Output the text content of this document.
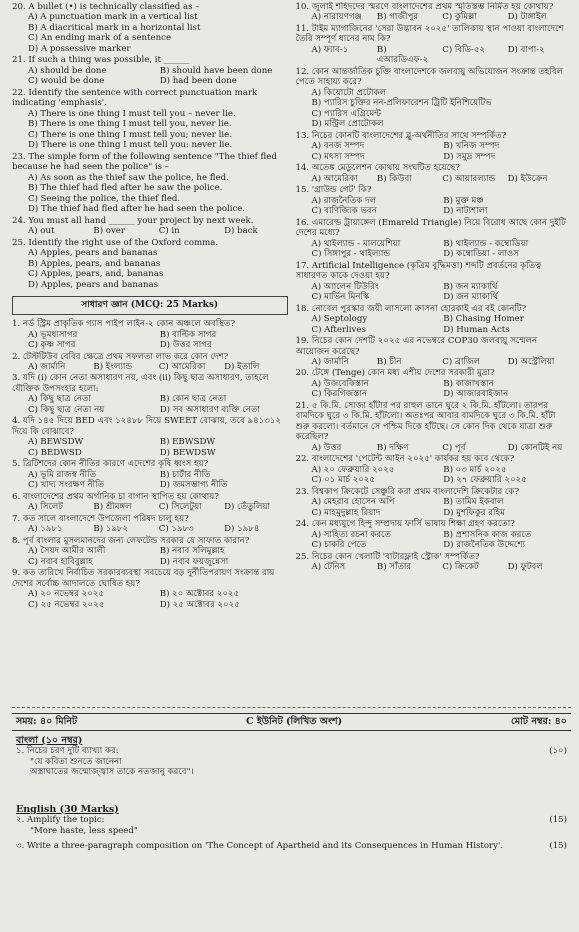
20. A bullet (•) is technically classified as –
A) A punctuation mark in a vertical list
B) A diacritical mark in a horizontal list
C) An ending mark of a sentence
D) A possessive marker
21. If such a thing was possible, it ______
A) should be done	B) should have been done
C) would be done	D) had been done
22. Identify the sentence with correct punctuation mark indicating 'emphasis'.
A) There is one thing I must tell you – never lie.
B) There is one thing I must tell you, never lie.
C) There is one thing I must tell you; never lie.
D) There is one thing I must tell you: never lie.
23. The simple form of the following sentence "The thief fled because he had seen the police" is –
A) As soon as the thief saw the police, he fled.
B) The thief had fled after he saw the police.
C) Seeing the police, the thief fled.
D) The thief had fled after he had seen the police.
24. You must all hand ______ your project by next week.
A) out	B) over	C) in	D) back
25. Identify the right use of the Oxford comma.
A) Apples, pears and bananas
B) Apples, pears, and bananas
C) Apples, pears, and, bananas
D) Apples, pears and bananas
সাধারণ জ্ঞান (MCQ: 25 Marks)
1. নর্ড স্ট্রিম প্রাকৃতিক গ্যাস পাইপ লাইন-২ কোন অঞ্চলে অবস্থিত?
A) ভূমধ্যসাগর	B) বাল্টিক সাগর
C) কৃষ্ণ সাগর	D) উত্তর সাগর
2. টেস্টটিউব বেবির ক্ষেত্রে প্রথম সফলতা লাভ করে কোন দেশ?
A) জার্মানি	B) ইংল্যান্ড	C) আমেরিকা	D) ইতালি
3. যদি (i) কোন নেতা অসাধারণ নয়, এবং (ii) কিছু ছাত্র অসাধারণ, তাহলে যৌক্তিক উপসংহার হলো:
A) কিছু ছাত্র নেতা	B) কোন ছাত্র নেতা
C) কিছু ছাত্র নেতা নয়	D) সব অসাধারণ ব্যক্তি নেতা
4. যদি ১৪৫ দিয়ে BED এবং ১২৪৮৮ দিয়ে SWEET বোঝায়, তবে ৯৪১৩১২ দিয়ে কি বোঝাবে?
A) BEWSDW	B) EBWSDW
C) BEDWSD	D) BEWDSW
5. ব্রিটিশদের কোন নীতির কারণে এদেশের কৃষি ধ্বংস হয়?
A) ভূমি রাজস্ব নীতি	B) চার্টার নীতি
C) খাদ্য সংরক্ষণ নীতি	D) জমসম্ভাগ্য নীতি
6. বাংলাদেশের প্রথম অর্গানিক চা বাগান স্থাপিত হয় কোথায়?
A) সিলেট	B) শ্রীমঙ্গল	C) সিলেটুয়া	D) তেঁতুলিয়া
7. কত সালে বাংলাদেশে উপজেলা পরিষদ চালু হয়?
A) ১৯৮১	B) ১৯৮২	C) ১৯৮৩	D) ১৯৮৪
8. পূর্ব বাংলার মুসলমানদের জন্য লেফটেন্ড সরকার যে সাফাত কারান?
A) সৈয়দ আমীর আলী	B) নবাব সলিমুল্লাহ
C) নবাব হাবিবুল্লাহ	D) নবাব ফয়জুন্নেসা
9. কত তারিখে নির্বাচিত সরকারব্যবস্থা সবচেয়ে বড় দুর্নীতিপরায়ণ সংক্রান্ত রায় দেশের সর্বোচ্চ আদালতে ঘোষিত হয়?
A) ২০ নভেম্বর ২০২৫	B) ২০ অক্টোবর ২০২৫
C) ২৫ নভেম্বর ২০২৫	D) ২৫ অক্টোবর ২০২৫
10. জুলাই শহিদদের স্মরণে বাংলাদেশের প্রথম স্মৃতিস্তম্ভ নির্মিত হয় কোথায়?
A) নারায়ণগঞ্জ	B) গাজীপুর	C) কুমিল্লা	D) টাঙ্গাইল
11. টাইম ম্যাগাজিনের 'সেরা উদ্ভাবন ২০২৫' তালিকায় স্থান পাওয়া বাংলাদেশে তৈরি সম্পূর্ণ ধানের নাম কি?
A) ফ্যাব-১	B) এআরডিএফ-২
C) বিডি-৫২	D) বাপা-২
12. কোন আন্তর্জাতিক চুক্তি বাংলাদেশকে জলবায়ু অভিযোজন সংক্রান্ত তহবিল পেতে সাহায্য করে?
A) কিয়োটো প্রটোকল
B) প্যারিস চুক্তির নন-প্রলিফারেশন ট্রিটি ইনিশিয়েটিভ
C) প্যারিস এগ্রিমেন্ট
D) মন্ট্রিল প্রোটোকল
13. নিচের কোনটি বাংলাদেশের ব্লু-অর্থনীতির সাথে সম্পর্কিত?
A) বনজ সম্পদ	B) খনিজ সম্পদ
C) মৎস্য সম্পদ	D) সমুদ্র সম্পদ
14. অতেঙ্ক মেডুলেশন কোথায় সংঘটিত হয়েছে?
A) আমেরিকা	B) কিউবা	C) আয়ারল্যান্ড	D) ইউক্রেন
15. 'গ্রাউন্ড গেট' কি?
A) রাজনৈতিক দল	B) মুক্ত মঞ্চ
C) বাণিজ্যিক ভবন	D) নাট্যশালা
16. এমারেল্ড ট্রায়াঙ্গেল (Emareld Triangle) নিয়ে বিরোধ আছে কোন দুইটি দেশের মধ্যে?
A) থাইল্যান্ড - মালয়েশিয়া	B) থাইল্যান্ড - কম্বোডিয়া
C) সিঙ্গাপুর - থাইল্যান্ড	D) কম্বোডিয়া - লাওস
17. Artificial Intelligence (কৃত্রিম বুদ্ধিমত্তা) শব্দটি প্রবর্তনের কৃতিত্ব সাধারণত কাকে দেওয়া হয়?
A) অ্যালেন টিউরিং	B) জন ম্যাকার্থি
C) মার্ভিন মিনস্কি	D) জন ম্যাকার্থি
18. নোবেল পুরস্কার জয়ী লাসলো ক্রাসনা হোরকাই এর বই কোনটি?
A) Septology	B) Chasing Homer
C) Afterlives	D) Human Acts
19. নিচের কোন দেশটি ২০২৫ এর নভেম্বরে COP30 জলবায়ু সম্মেলন আয়োজন করেছে?
A) জার্মানি	B) চীন	C) ব্রাজিল	D) অস্ট্রেলিয়া
20. টেঙ্গে (Tenge) কোন মধ্য এশীয় দেশের সরকারী মুদ্রা?
A) উজবেকিস্তান	B) কাজাখস্তান
C) কিরগিজস্তান	D) আজারবাইজান
21. ৫ কি.মি. সোজা হাঁটার পর রাহুল ডানে ঘুরে ২ কি.মি. হাঁটলো। তারপর বামদিকে ঘুরে ৩ কি.মি. হাঁটলো। অতঃপর আবার বামদিকে ঘুরে ৩ কি.মি. হাঁটা শুরু করলো। বর্তমানে সে পশ্চিম দিকে হাঁটছে। সে কোন দিক থেকে যাত্রা শুরু করেছিল?
A) উত্তর	B) দক্ষিণ	C) পূর্ব	D) কোনটিই নয়
22. বাংলাদেশের 'পেটেন্ট আইন ২০২৫' কার্যকর হয় কবে থেকে?
A) ২০ ফেব্রুয়ারি ২০২৫	B) ০৩ মার্চ ২০২৫
C) ০১ মার্চ ২০২৫	D) ২৭ ফেব্রুয়ারি ২০২৫
23. বিশ্বকাপ ক্রিকেটে সেঞ্চুরি করা প্রথম বাংলাদেশি ক্রিকেটার কে?
A) মেহরাব হোসেন অপি	B) তামিম ইকবাল
C) মাহমুদুল্লাহ রিয়াদ	D) মুশফিকুর রহিম
24. কেন মধ্যযুগে হিন্দু সম্প্রদায় ফার্সি ভাষায় শিক্ষা গ্রহণ করতো?
A) সাহিত্য রচনা করতে	B) প্রশাসনিক কাজ করতে
C) চাকরি পেতে	D) রাজনৈতিক উদ্দেশ্যে
25. নিচের কোন খেলাটি 'বাটারফ্লাই স্ট্রোক' সম্পর্কিত?
A) টেনিস	B) সাঁতার	C) ক্রিকেট	D) ফুটবল
সময়: ৪০ মিনিট	C ইউনিট (লিখিত অংশ)	মোট নম্বর: ৪০
বাংলা (১০ নম্বর)
১. নিচের চরণ দুটি ব্যাখ্যা কর:	(১০)
"যে কবিতা শুনতে জানেনা
অস্ত্রাঘাতের জন্মোজ্জ্বাস তাকে নতজানু করবে"।
English (30 Marks)
২. Amplify the topic:	(15)
"More haste, less speed"
৩. Write a three-paragraph composition on 'The Concept of Apartheid and its Consequences in Human History'.	(15)
